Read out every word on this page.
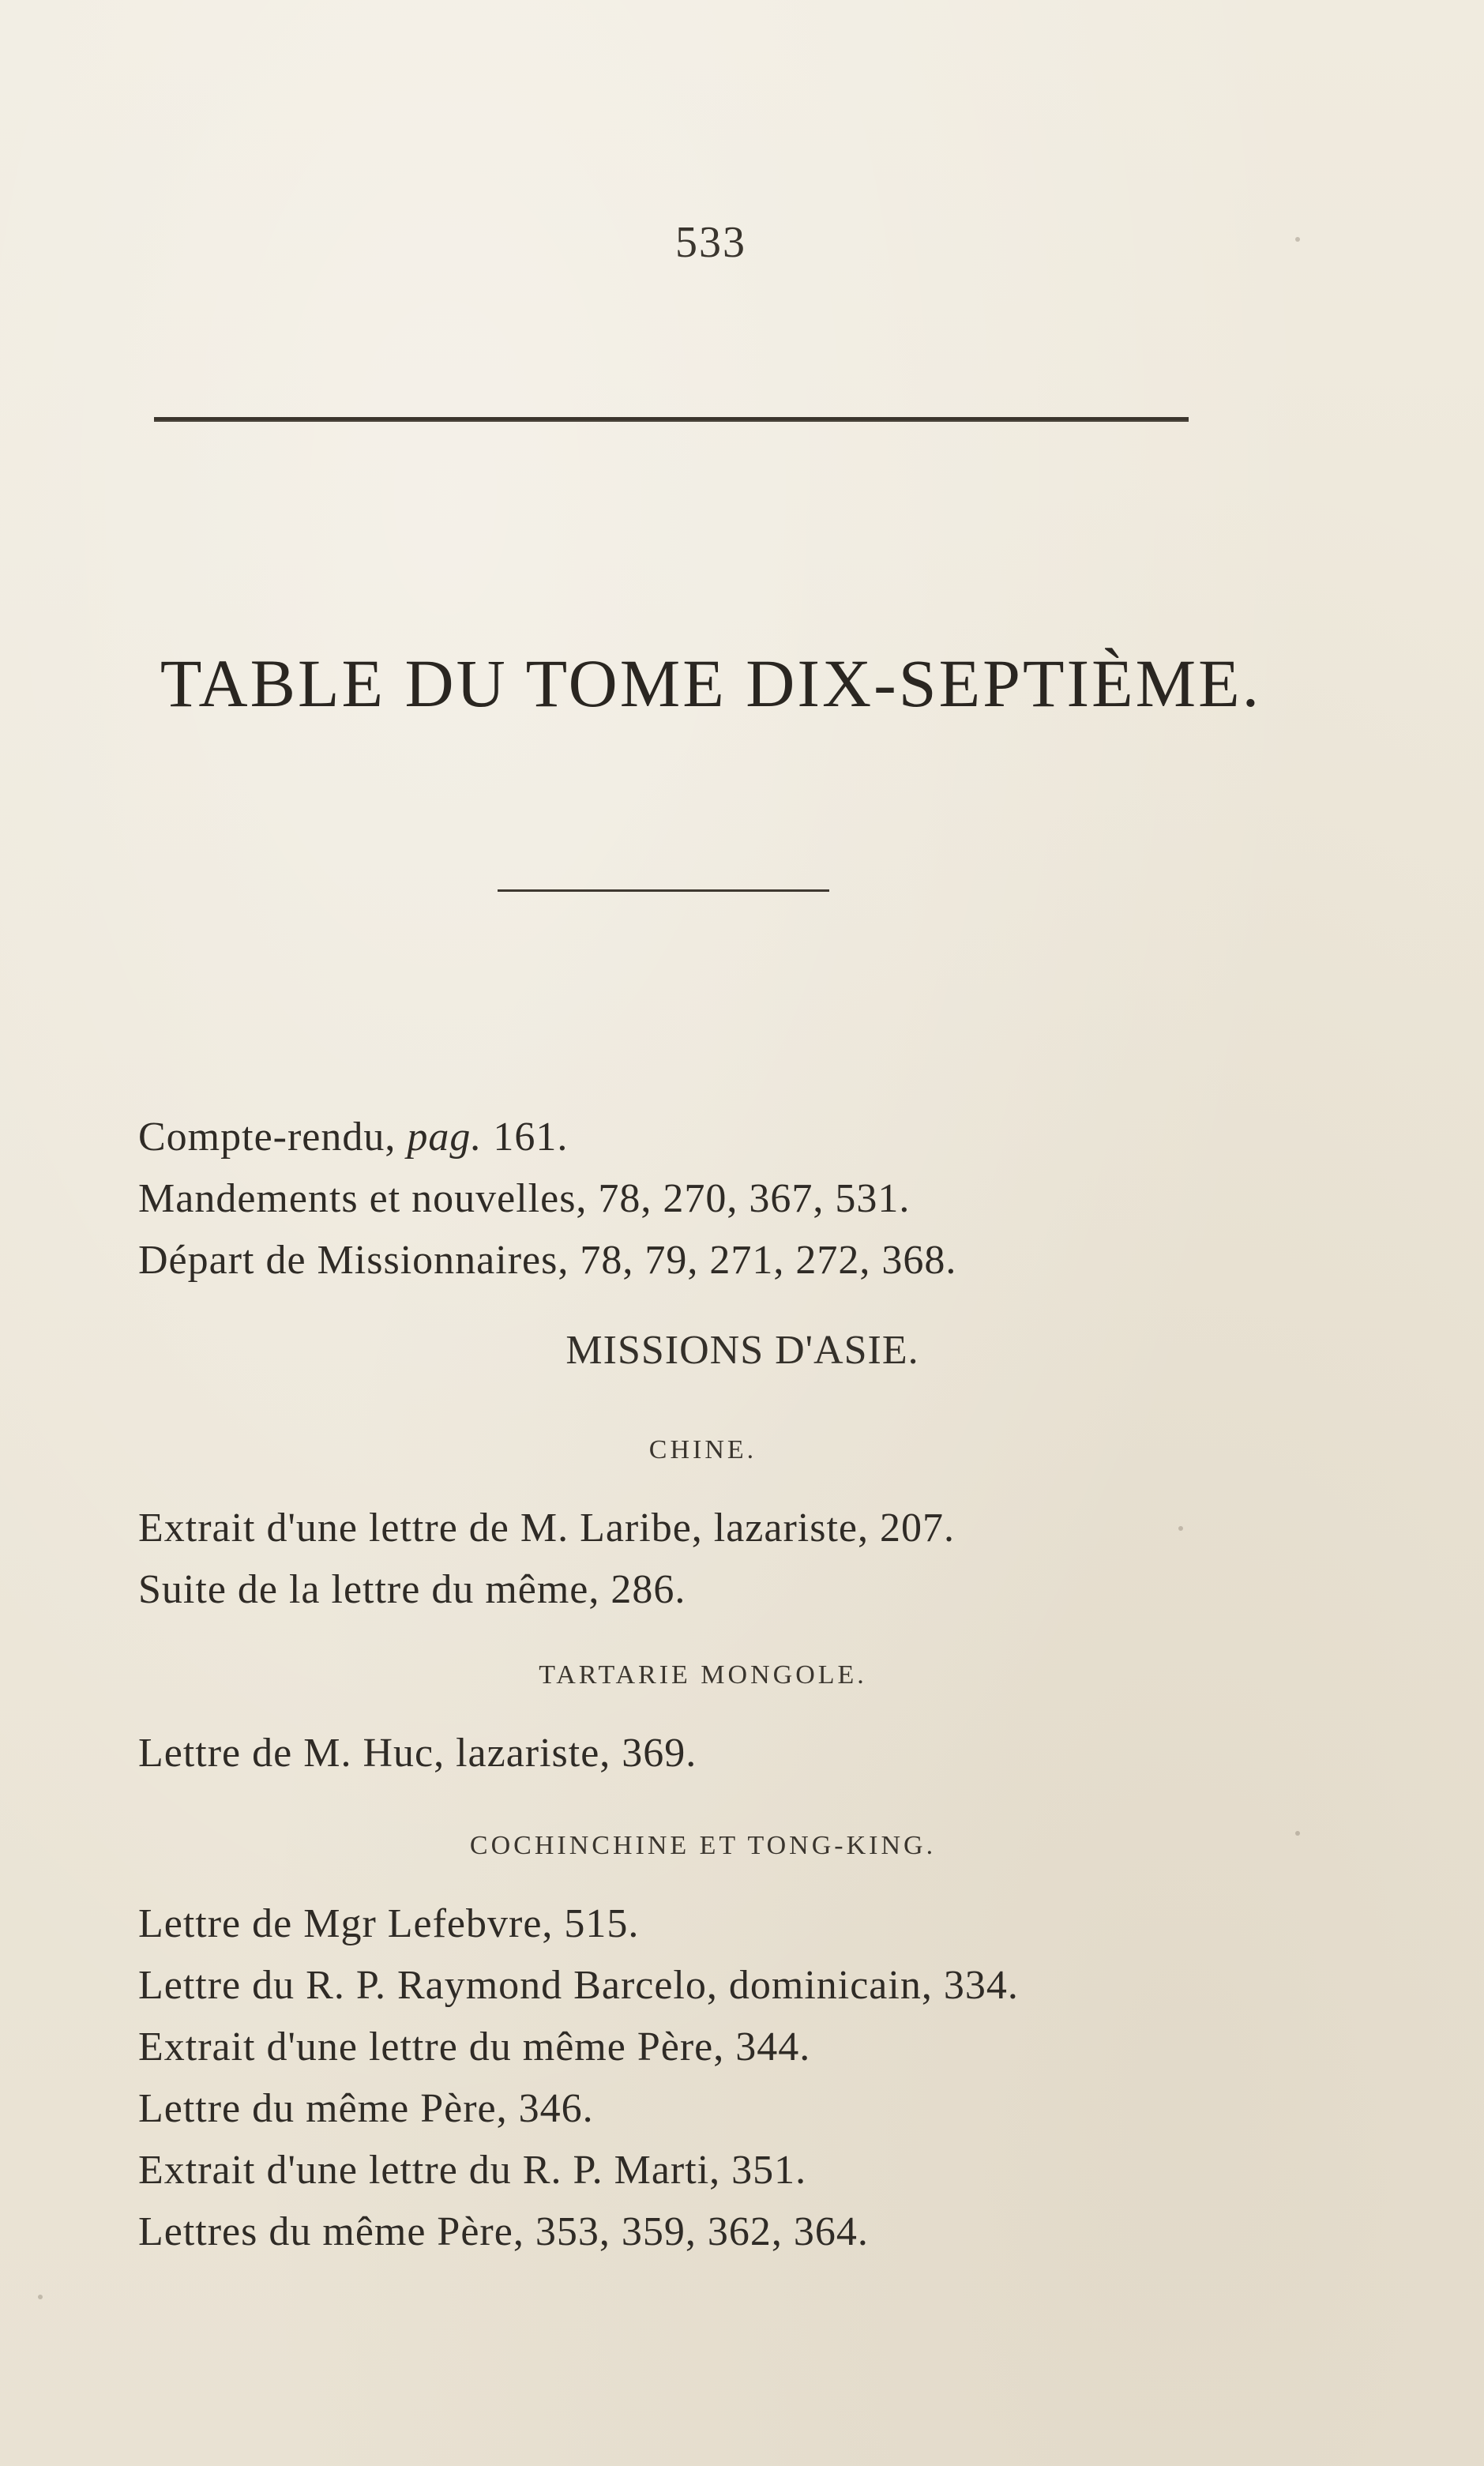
533
TABLE DU TOME DIX-SEPTIÈME.
Compte-rendu, pag. 161.
Mandements et nouvelles, 78, 270, 367, 531.
Départ de Missionnaires, 78, 79, 271, 272, 368.
MISSIONS D'ASIE.
CHINE.
Extrait d'une lettre de M. Laribe, lazariste, 207.
Suite de la lettre du même, 286.
TARTARIE MONGOLE.
Lettre de M. Huc, lazariste, 369.
COCHINCHINE ET TONG-KING.
Lettre de Mgr Lefebvre, 515.
Lettre du R. P. Raymond Barcelo, dominicain, 334.
Extrait d'une lettre du même Père, 344.
Lettre du même Père, 346.
Extrait d'une lettre du R. P. Marti, 351.
Lettres du même Père, 353, 359, 362, 364.
